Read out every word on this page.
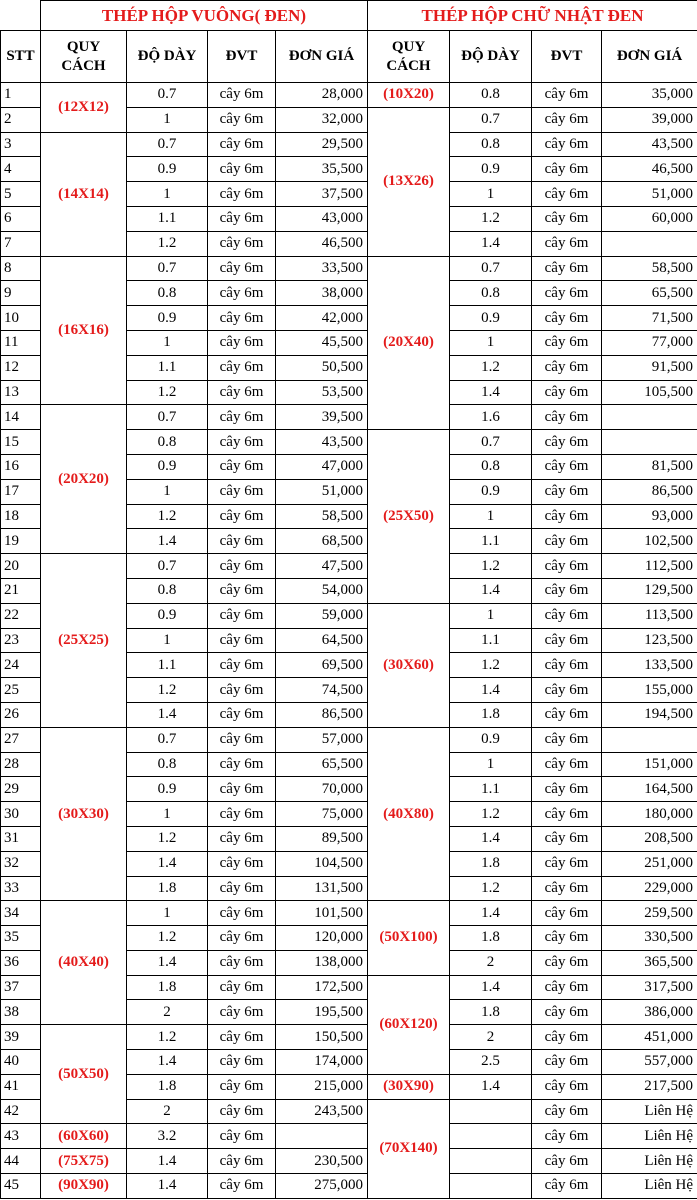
	THÉP HỘP VUÔNG( ĐEN)				THÉP HỘP CHỮ NHẬT ĐEN			
STT	QUY CÁCH	ĐỘ DÀY	ĐVT	ĐƠN GIÁ	QUY CÁCH	ĐỘ DÀY	ĐVT	ĐƠN GIÁ
1	(12X12)	0.7	cây 6m	28,000	(10X20)	0.8	cây 6m	35,000
2		1	cây 6m	32,000	(13X26)	0.7	cây 6m	39,000
3	(14X14)	0.7	cây 6m	29,500		0.8	cây 6m	43,500
4		0.9	cây 6m	35,500		0.9	cây 6m	46,500
5		1	cây 6m	37,500		1	cây 6m	51,000
6		1.1	cây 6m	43,000		1.2	cây 6m	60,000
7		1.2	cây 6m	46,500		1.4	cây 6m	
8	(16X16)	0.7	cây 6m	33,500	(20X40)	0.7	cây 6m	58,500
9		0.8	cây 6m	38,000		0.8	cây 6m	65,500
10		0.9	cây 6m	42,000		0.9	cây 6m	71,500
11		1	cây 6m	45,500		1	cây 6m	77,000
12		1.1	cây 6m	50,500		1.2	cây 6m	91,500
13		1.2	cây 6m	53,500		1.4	cây 6m	105,500
14	(20X20)	0.7	cây 6m	39,500		1.6	cây 6m	
15		0.8	cây 6m	43,500	(25X50)	0.7	cây 6m	
16		0.9	cây 6m	47,000		0.8	cây 6m	81,500
17		1	cây 6m	51,000		0.9	cây 6m	86,500
18		1.2	cây 6m	58,500		1	cây 6m	93,000
19		1.4	cây 6m	68,500		1.1	cây 6m	102,500
20	(25X25)	0.7	cây 6m	47,500		1.2	cây 6m	112,500
21		0.8	cây 6m	54,000		1.4	cây 6m	129,500
22		0.9	cây 6m	59,000	(30X60)	1	cây 6m	113,500
23		1	cây 6m	64,500		1.1	cây 6m	123,500
24		1.1	cây 6m	69,500		1.2	cây 6m	133,500
25		1.2	cây 6m	74,500		1.4	cây 6m	155,000
26		1.4	cây 6m	86,500		1.8	cây 6m	194,500
27	(30X30)	0.7	cây 6m	57,000	(40X80)	0.9	cây 6m	
28		0.8	cây 6m	65,500		1	cây 6m	151,000
29		0.9	cây 6m	70,000		1.1	cây 6m	164,500
30		1	cây 6m	75,000		1.2	cây 6m	180,000
31		1.2	cây 6m	89,500		1.4	cây 6m	208,500
32		1.4	cây 6m	104,500		1.8	cây 6m	251,000
33		1.8	cây 6m	131,500		1.2	cây 6m	229,000
34	(40X40)	1	cây 6m	101,500	(50X100)	1.4	cây 6m	259,500
35		1.2	cây 6m	120,000		1.8	cây 6m	330,500
36		1.4	cây 6m	138,000		2	cây 6m	365,500
37		1.8	cây 6m	172,500	(60X120)	1.4	cây 6m	317,500
38		2	cây 6m	195,500		1.8	cây 6m	386,000
39	(50X50)	1.2	cây 6m	150,500		2	cây 6m	451,000
40		1.4	cây 6m	174,000		2.5	cây 6m	557,000
41		1.8	cây 6m	215,000	(30X90)	1.4	cây 6m	217,500
42		2	cây 6m	243,500	(70X140)		cây 6m	Liên Hệ
43	(60X60)	3.2	cây 6m				cây 6m	Liên Hệ
44	(75X75)	1.4	cây 6m	230,500			cây 6m	Liên Hệ
45	(90X90)	1.4	cây 6m	275,000			cây 6m	Liên Hệ
